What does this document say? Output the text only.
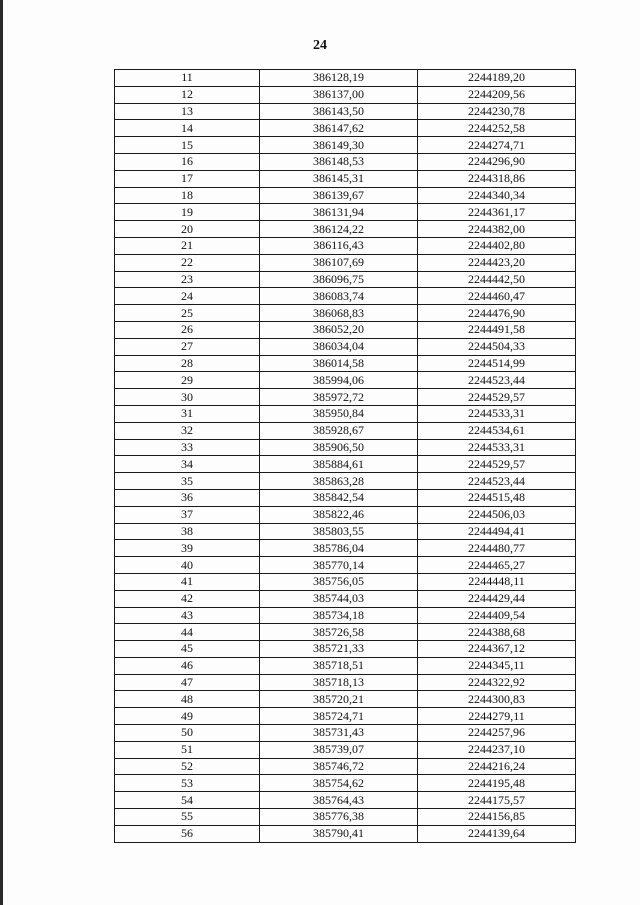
24
11	386128,19	2244189,20
12	386137,00	2244209,56
13	386143,50	2244230,78
14	386147,62	2244252,58
15	386149,30	2244274,71
16	386148,53	2244296,90
17	386145,31	2244318,86
18	386139,67	2244340,34
19	386131,94	2244361,17
20	386124,22	2244382,00
21	386116,43	2244402,80
22	386107,69	2244423,20
23	386096,75	2244442,50
24	386083,74	2244460,47
25	386068,83	2244476,90
26	386052,20	2244491,58
27	386034,04	2244504,33
28	386014,58	2244514,99
29	385994,06	2244523,44
30	385972,72	2244529,57
31	385950,84	2244533,31
32	385928,67	2244534,61
33	385906,50	2244533,31
34	385884,61	2244529,57
35	385863,28	2244523,44
36	385842,54	2244515,48
37	385822,46	2244506,03
38	385803,55	2244494,41
39	385786,04	2244480,77
40	385770,14	2244465,27
41	385756,05	2244448,11
42	385744,03	2244429,44
43	385734,18	2244409,54
44	385726,58	2244388,68
45	385721,33	2244367,12
46	385718,51	2244345,11
47	385718,13	2244322,92
48	385720,21	2244300,83
49	385724,71	2244279,11
50	385731,43	2244257,96
51	385739,07	2244237,10
52	385746,72	2244216,24
53	385754,62	2244195,48
54	385764,43	2244175,57
55	385776,38	2244156,85
56	385790,41	2244139,64
